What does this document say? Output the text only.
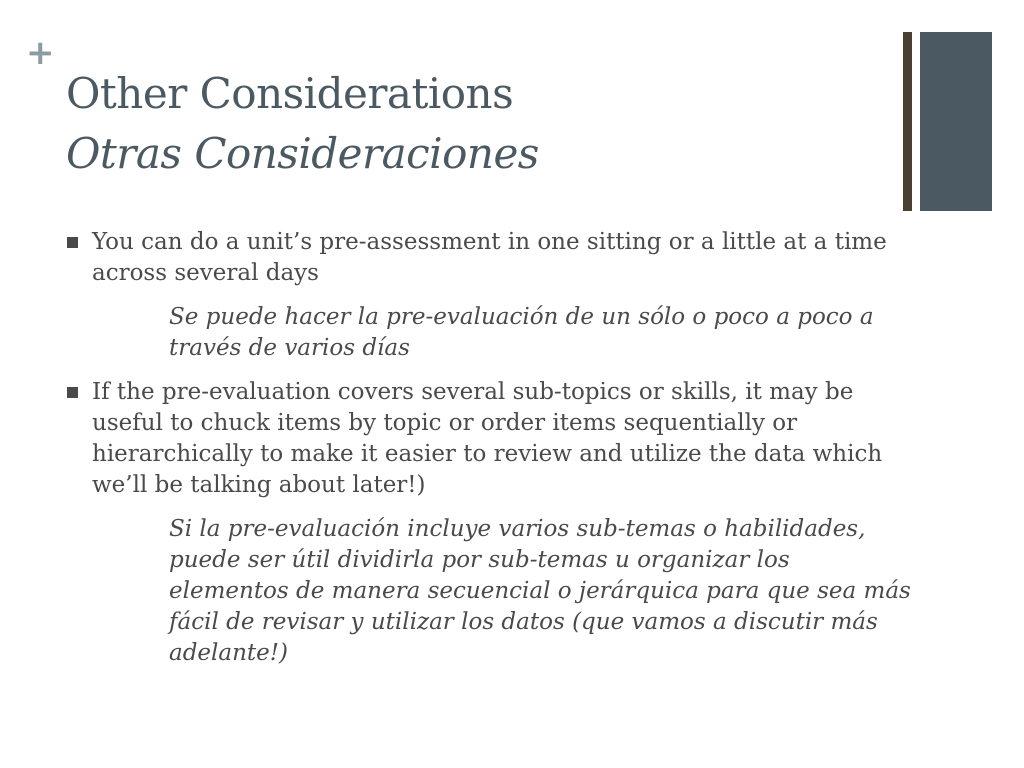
+
Other Considerations
Otras Consideraciones
You can do a unit’s pre-assessment in one sitting or a little at a time
across several days
Se puede hacer la pre-evaluación de un sólo o poco a poco a
través de varios días
If the pre-evaluation covers several sub-topics or skills, it may be
useful to chuck items by topic or order items sequentially or
hierarchically to make it easier to review and utilize the data which
we’ll be talking about later!)
Si la pre-evaluación incluye varios sub-temas o habilidades,
puede ser útil dividirla por sub-temas u organizar los
elementos de manera secuencial o jerárquica para que sea más
fácil de revisar y utilizar los datos (que vamos a discutir más
adelante!)
